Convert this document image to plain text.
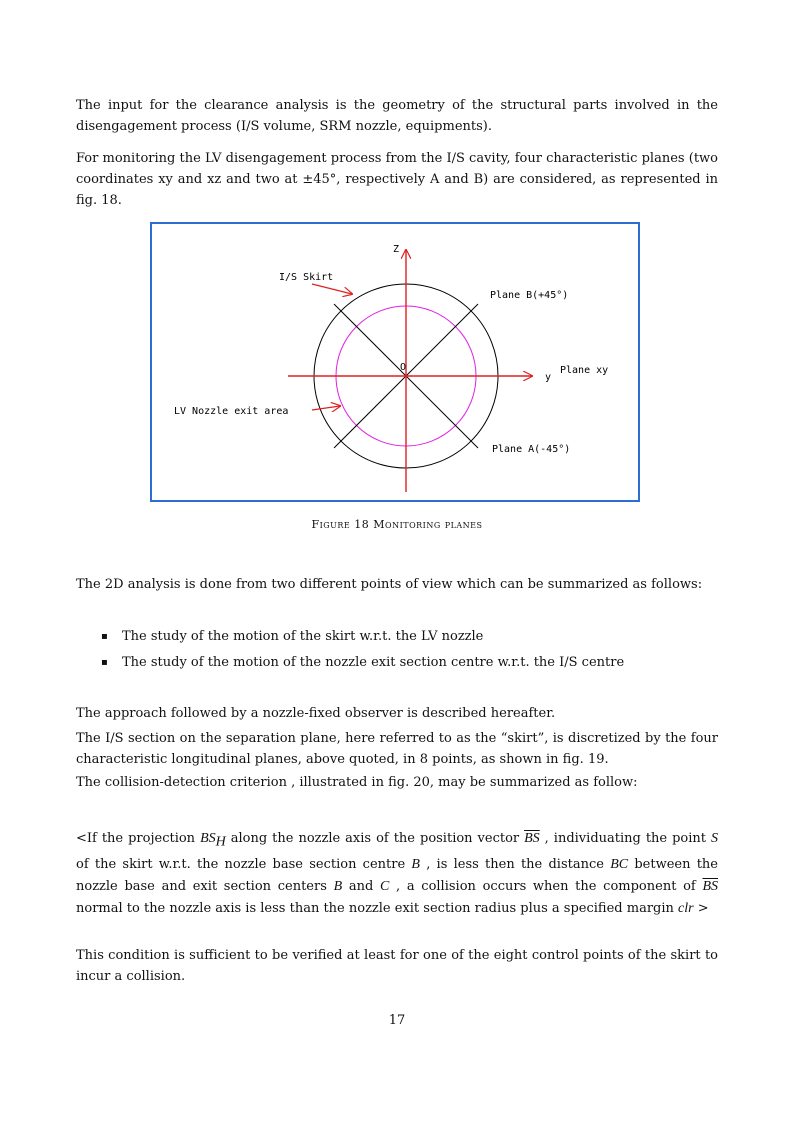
The input for the clearance analysis is the geometry of the structural parts involved in the disengagement process (I/S volume, SRM nozzle, equipments).

For monitoring the LV disengagement process from the I/S cavity, four characteristic planes (two coordinates xy and xz and two at ±45°, respectively A and B) are considered, as represented in fig. 18.

Z
y
O
I/S Skirt
Plane B(+45°)
Plane xy
LV Nozzle exit area
Plane A(-45°)
Figure 18 Monitoring planes

The 2D analysis is done from two different points of view which can be summarized as follows:

▪ The study of the motion of the skirt w.r.t. the LV nozzle
▪ The study of the motion of the nozzle exit section centre w.r.t. the I/S centre

The approach followed by a nozzle-fixed observer is described hereafter.

The I/S section on the separation plane, here referred to as the “skirt”, is discretized by the four characteristic longitudinal planes, above quoted, in 8 points, as shown in fig. 19.

The collision-detection criterion , illustrated in fig. 20, may be summarized as follow:

<If the projection $BS_H$ along the nozzle axis of the position vector $\overline{BS}$ , individuating the point S of the skirt w.r.t. the nozzle base section centre B , is less then the distance BC between the nozzle base and exit section centers B and C , a collision occurs when the component of $\overline{BS}$ normal to the nozzle axis is less than the nozzle exit section radius plus a specified margin clr >

This condition is sufficient to be verified at least for one of the eight control points of the skirt to incur a collision.

17
